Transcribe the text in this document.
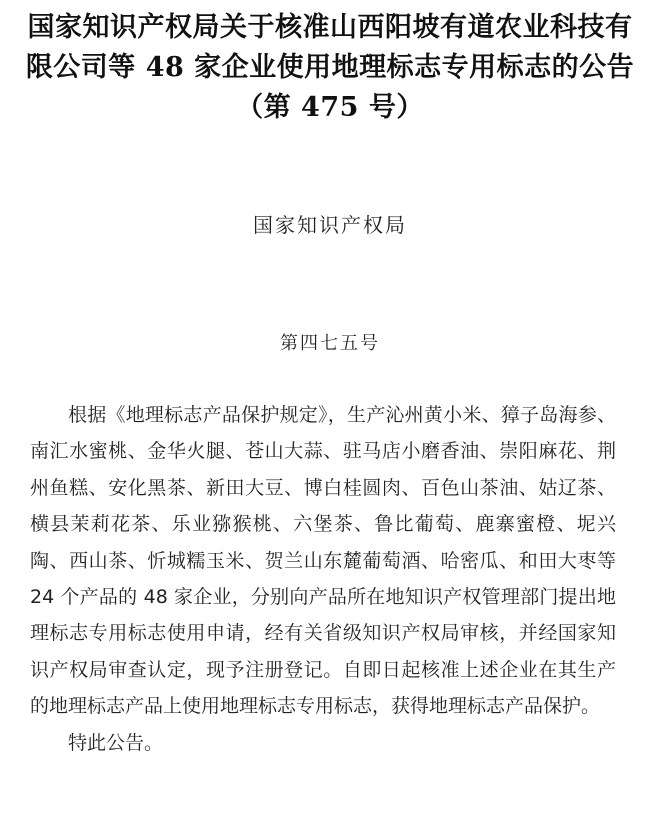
国家知识产权局关于核准山西阳坡有道农业科技有限公司等 48 家企业使用地理标志专用标志的公告（第 475 号）
国家知识产权局
第四七五号

根据《地理标志产品保护规定》，生产沁州黄小米、獐子岛海参、南汇水蜜桃、金华火腿、苍山大蒜、驻马店小磨香油、崇阳麻花、荆州鱼糕、安化黑茶、新田大豆、博白桂圆肉、百色山茶油、姑辽茶、横县茉莉花茶、乐业猕猴桃、六堡茶、鲁比葡萄、鹿寨蜜橙、坭兴陶、西山茶、忻城糯玉米、贺兰山东麓葡萄酒、哈密瓜、和田大枣等 24 个产品的 48 家企业，分别向产品所在地知识产权管理部门提出地理标志专用标志使用申请，经有关省级知识产权局审核，并经国家知识产权局审查认定，现予注册登记。自即日起核准上述企业在其生产的地理标志产品上使用地理标志专用标志，获得地理标志产品保护。

特此公告。
